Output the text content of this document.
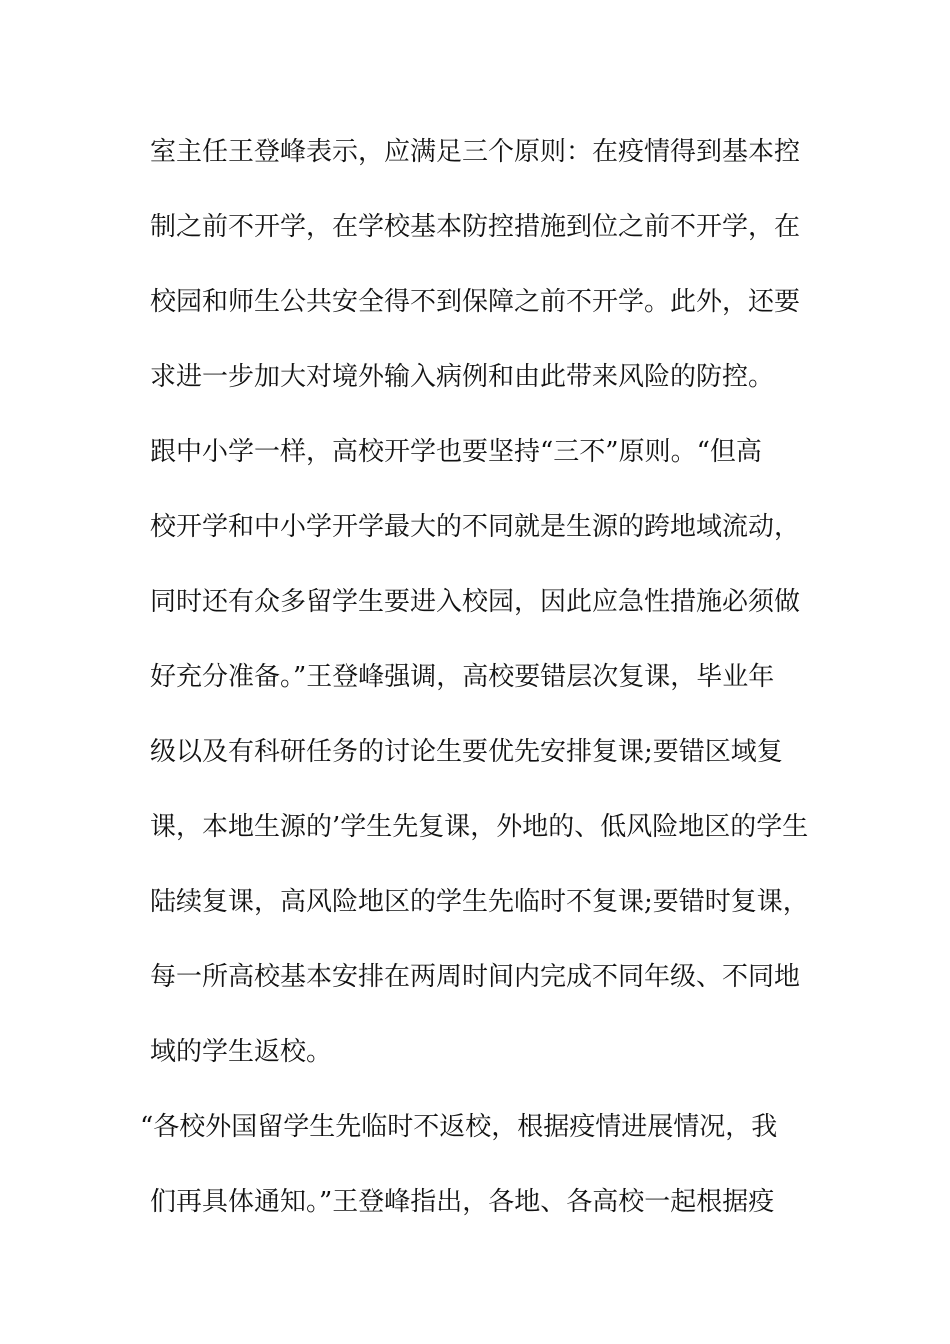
室主任王登峰表示，应满足三个原则：在疫情得到基本控
制之前不开学，在学校基本防控措施到位之前不开学，在
校园和师生公共安全得不到保障之前不开学。此外，还要
求进一步加大对境外输入病例和由此带来风险的防控。
跟中小学一样，高校开学也要坚持“三不”原则。“但高
校开学和中小学开学最大的不同就是生源的跨地域流动，
同时还有众多留学生要进入校园，因此应急性措施必须做
好充分准备。”王登峰强调，高校要错层次复课，毕业年
级以及有科研任务的讨论生要优先安排复课;要错区域复
课，本地生源的’学生先复课，外地的、低风险地区的学生
陆续复课，高风险地区的学生先临时不复课;要错时复课，
每一所高校基本安排在两周时间内完成不同年级、不同地
域的学生返校。
“各校外国留学生先临时不返校，根据疫情进展情况，我
们再具体通知。”王登峰指出，各地、各高校一起根据疫
